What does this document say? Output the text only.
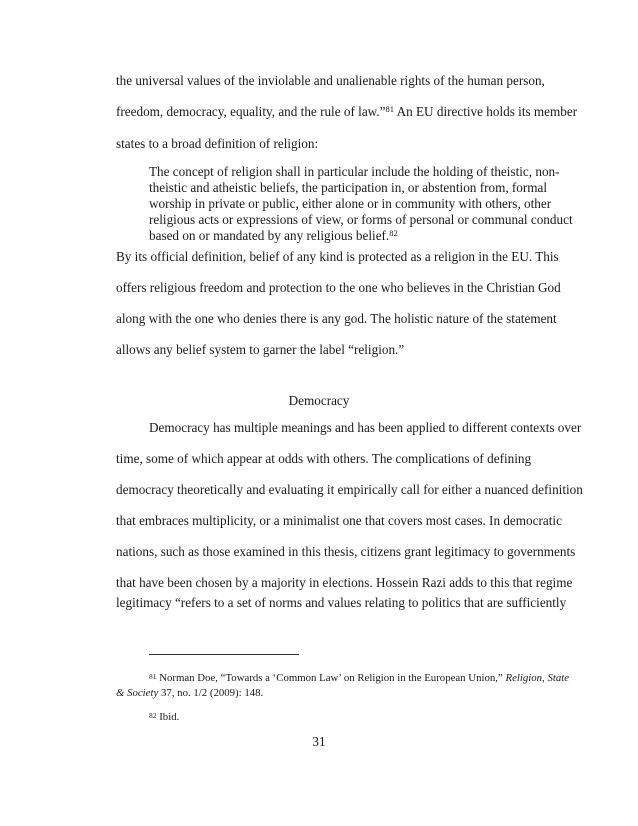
the universal values of the inviolable and unalienable rights of the human person,
freedom, democracy, equality, and the rule of law.”$^{81}$ An EU directive holds its member
states to a broad definition of religion:
The concept of religion shall in particular include the holding of theistic, non-
theistic and atheistic beliefs, the participation in, or abstention from, formal
worship in private or public, either alone or in community with others, other
religious acts or expressions of view, or forms of personal or communal conduct
based on or mandated by any religious belief.$^{82}$
By its official definition, belief of any kind is protected as a religion in the EU. This
offers religious freedom and protection to the one who believes in the Christian God
along with the one who denies there is any god. The holistic nature of the statement
allows any belief system to garner the label “religion.”
Democracy
Democracy has multiple meanings and has been applied to different contexts over
time, some of which appear at odds with others. The complications of defining
democracy theoretically and evaluating it empirically call for either a nuanced definition
that embraces multiplicity, or a minimalist one that covers most cases. In democratic
nations, such as those examined in this thesis, citizens grant legitimacy to governments
that have been chosen by a majority in elections. Hossein Razi adds to this that regime
legitimacy “refers to a set of norms and values relating to politics that are sufficiently
$^{81}$ Norman Doe, “Towards a ‘Common Law’ on Religion in the European Union,” Religion, State
& Society 37, no. 1/2 (2009): 148.
$^{82}$ Ibid.
31
